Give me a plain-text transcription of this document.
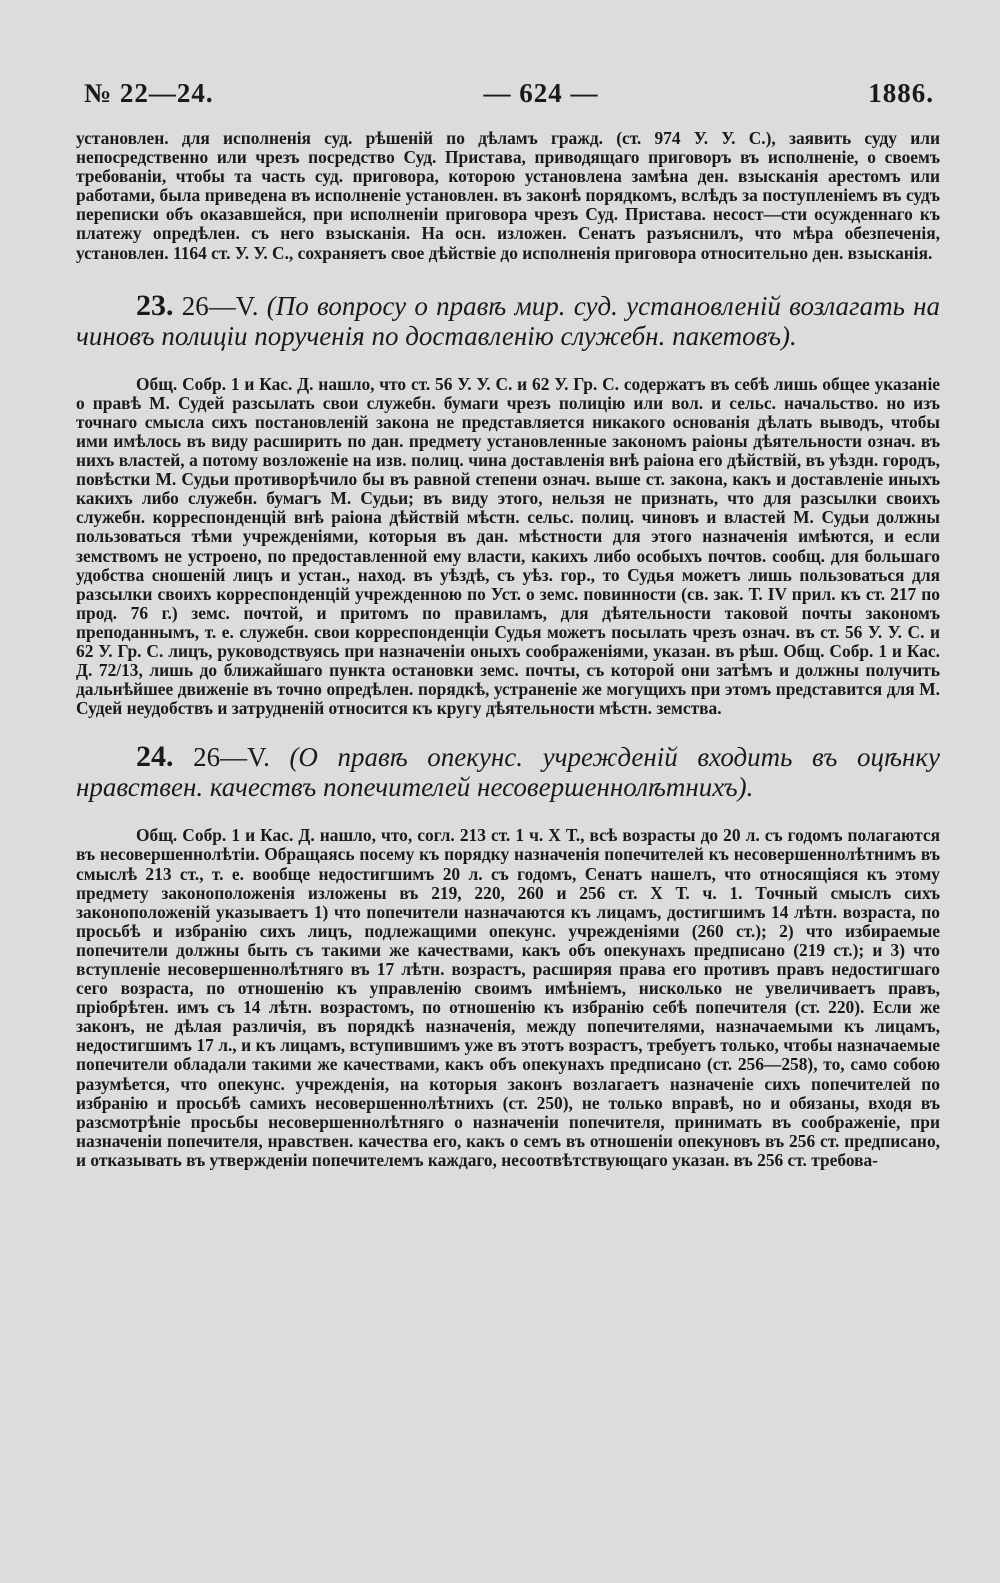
№ 22—24.	— 624 —	1886.

установлен. для исполненія суд. рѣшеній по дѣламъ гражд. (ст. 974 У. У. С.), заявить суду или непосредственно или чрезъ посредство Суд. Пристава, приводящаго приговоръ въ исполненіе, о своемъ требованіи, чтобы та часть суд. приговора, которою установлена замѣна ден. взысканія арестомъ или работами, была приведена въ исполненіе установлен. въ законѣ порядкомъ, вслѣдъ за поступленіемъ въ судъ переписки объ оказавшейся, при исполненіи приговора чрезъ Суд. Пристава. несост—сти осужденнаго къ платежу опредѣлен. съ него взысканія. На осн. изложен. Сенатъ разъяснилъ, что мѣра обезпеченія, установлен. 1164 ст. У. У. С., сохраняетъ свое дѣйствіе до исполненія приговора относительно ден. взысканія.

23. 26—V. (По вопросу о правѣ мир. суд. установленій возлагать на чиновъ полиціи порученія по доставленію служебн. пакетовъ).

Общ. Собр. 1 и Кас. Д. нашло, что ст. 56 У. У. С. и 62 У. Гр. С. содержатъ въ себѣ лишь общее указаніе о правѣ М. Судей разсылать свои служебн. бумаги чрезъ полицію или вол. и сельс. начальство. но изъ точнаго смысла сихъ постановленій закона не представляется никакого основанія дѣлать выводъ, чтобы ими имѣлось въ виду расширить по дан. предмету установленные закономъ раіоны дѣятельности означ. въ нихъ властей, а потому возложеніе на изв. полиц. чина доставленія внѣ раіона его дѣйствій, въ уѣздн. городъ, повѣстки М. Судьи противорѣчило бы въ равной степени означ. выше ст. закона, какъ и доставленіе иныхъ какихъ либо служебн. бумагъ М. Судьи; въ виду этого, нельзя не признать, что для разсылки своихъ служебн. корреспонденцій внѣ раіона дѣйствій мѣстн. сельс. полиц. чиновъ и властей М. Судьи должны пользоваться тѣми учрежденіями, которыя въ дан. мѣстности для этого назначенія имѣются, и если земствомъ не устроено, по предоставленной ему власти, какихъ либо особыхъ почтов. сообщ. для большаго удобства сношеній лицъ и устан., наход. въ уѣздѣ, съ уѣз. гор., то Судья можетъ лишь пользоваться для разсылки своихъ корреспонденцій учрежденною по Уст. о земс. повинности (св. зак. Т. IV прил. къ ст. 217 по прод. 76 г.) земс. почтой, и притомъ по правиламъ, для дѣятельности таковой почты закономъ преподаннымъ, т. е. служебн. свои корреспонденціи Судья можетъ посылать чрезъ означ. въ ст. 56 У. У. С. и 62 У. Гр. С. лицъ, руководствуясь при назначеніи оныхъ соображеніями, указан. въ рѣш. Общ. Собр. 1 и Кас. Д. 72/13, лишь до ближайшаго пункта остановки земс. почты, съ которой они затѣмъ и должны получить дальнѣйшее движеніе въ точно опредѣлен. порядкѣ, устраненіе же могущихъ при этомъ представится для М. Судей неудобствъ и затрудненій относится къ кругу дѣятельности мѣстн. земства.

24. 26—V. (О правѣ опекунс. учрежденій входить въ оцѣнку нравствен. качествъ попечителей несовершеннолѣтнихъ).

Общ. Собр. 1 и Кас. Д. нашло, что, согл. 213 ст. 1 ч. X Т., всѣ возрасты до 20 л. съ годомъ полагаются въ несовершеннолѣтіи. Обращаясь посему къ порядку назначенія попечителей къ несовершеннолѣтнимъ въ смыслѣ 213 ст., т. е. вообще недостигшимъ 20 л. съ годомъ, Сенатъ нашелъ, что относящіяся къ этому предмету законоположенія изложены въ 219, 220, 260 и 256 ст. X Т. ч. 1. Точный смыслъ сихъ законоположеній указываетъ 1) что попечители назначаются къ лицамъ, достигшимъ 14 лѣтн. возраста, по просьбѣ и избранію сихъ лицъ, подлежащими опекунс. учрежденіями (260 ст.); 2) что избираемые попечители должны быть съ такими же качествами, какъ объ опекунахъ предписано (219 ст.); и 3) что вступленіе несовершеннолѣтняго въ 17 лѣтн. возрастъ, расширяя права его противъ правъ недостигшаго сего возраста, по отношенію къ управленію своимъ имѣніемъ, нисколько не увеличиваетъ правъ, пріобрѣтен. имъ съ 14 лѣтн. возрастомъ, по отношенію къ избранію себѣ попечителя (ст. 220). Если же законъ, не дѣлая различія, въ порядкѣ назначенія, между попечителями, назначаемыми къ лицамъ, недостигшимъ 17 л., и къ лицамъ, вступившимъ уже въ этотъ возрастъ, требуетъ только, чтобы назначаемые попечители обладали такими же качествами, какъ объ опекунахъ предписано (ст. 256—258), то, само собою разумѣется, что опекунс. учрежденія, на которыя законъ возлагаетъ назначеніе сихъ попечителей по избранію и просьбѣ самихъ несовершеннолѣтнихъ (ст. 250), не только вправѣ, но и обязаны, входя въ разсмотрѣніе просьбы несовершеннолѣтняго о назначеніи попечителя, принимать въ соображеніе, при назначеніи попечителя, нравствен. качества его, какъ о семъ въ отношеніи опекуновъ въ 256 ст. предписано, и отказывать въ утвержденіи попечителемъ каждаго, несоотвѣтствующаго указан. въ 256 ст. требова-
